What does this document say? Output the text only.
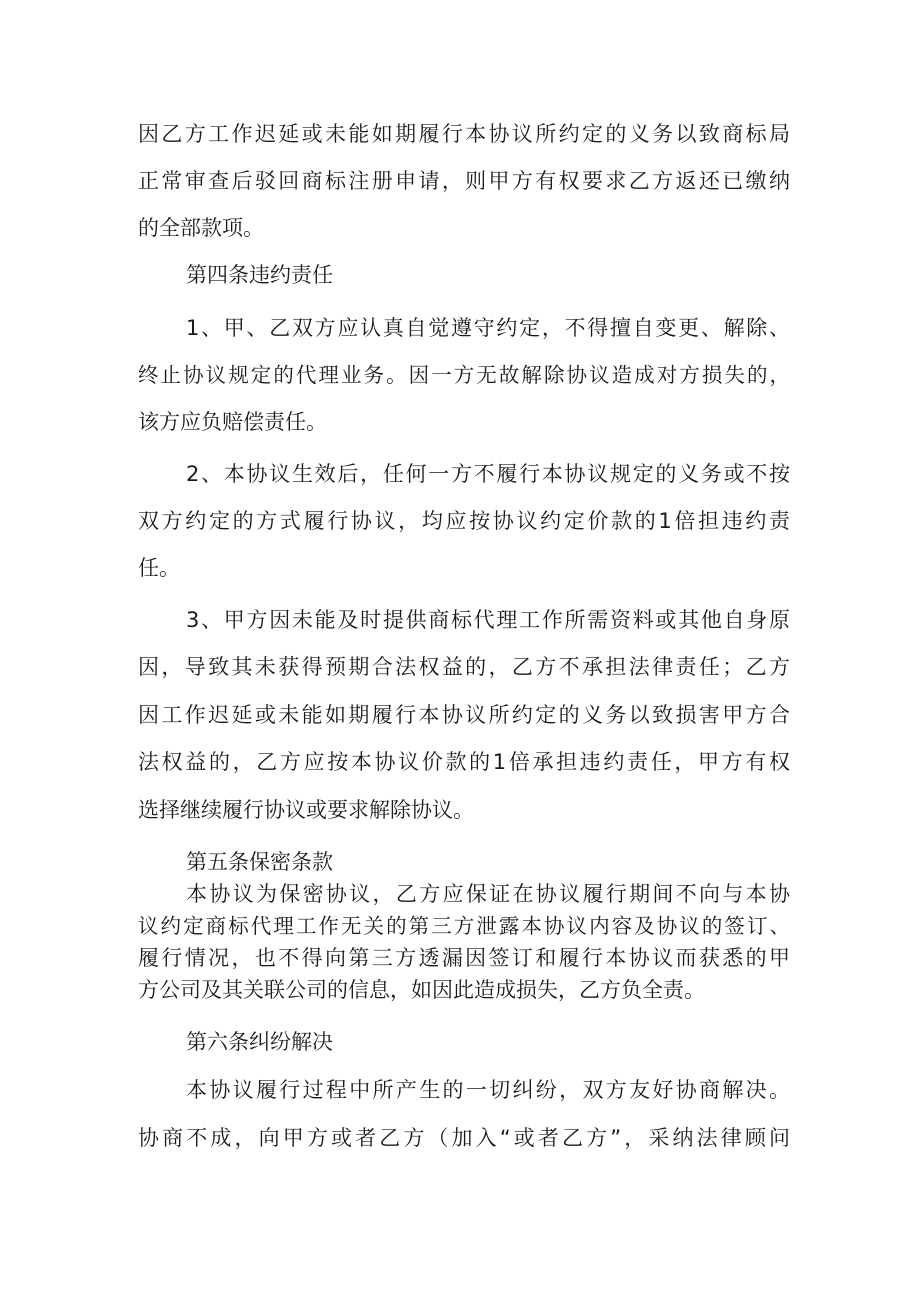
因乙方工作迟延或未能如期履行本协议所约定的义务以致商标局

正常审查后驳回商标注册申请，则甲方有权要求乙方返还已缴纳

的全部款项。

第四条违约责任

1、甲、乙双方应认真自觉遵守约定，不得擅自变更、解除、

终止协议规定的代理业务。因一方无故解除协议造成对方损失的，

该方应负赔偿责任。

2、本协议生效后，任何一方不履行本协议规定的义务或不按

双方约定的方式履行协议，均应按协议约定价款的1倍担违约责

任。

3、甲方因未能及时提供商标代理工作所需资料或其他自身原

因，导致其未获得预期合法权益的，乙方不承担法律责任；乙方

因工作迟延或未能如期履行本协议所约定的义务以致损害甲方合

法权益的，乙方应按本协议价款的1倍承担违约责任，甲方有权

选择继续履行协议或要求解除协议。

第五条保密条款

本协议为保密协议，乙方应保证在协议履行期间不向与本协

议约定商标代理工作无关的第三方泄露本协议内容及协议的签订、

履行情况，也不得向第三方透漏因签订和履行本协议而获悉的甲

方公司及其关联公司的信息，如因此造成损失，乙方负全责。

第六条纠纷解决

本协议履行过程中所产生的一切纠纷，双方友好协商解决。

协商不成，向甲方或者乙方（加入“或者乙方”，采纳法律顾问
